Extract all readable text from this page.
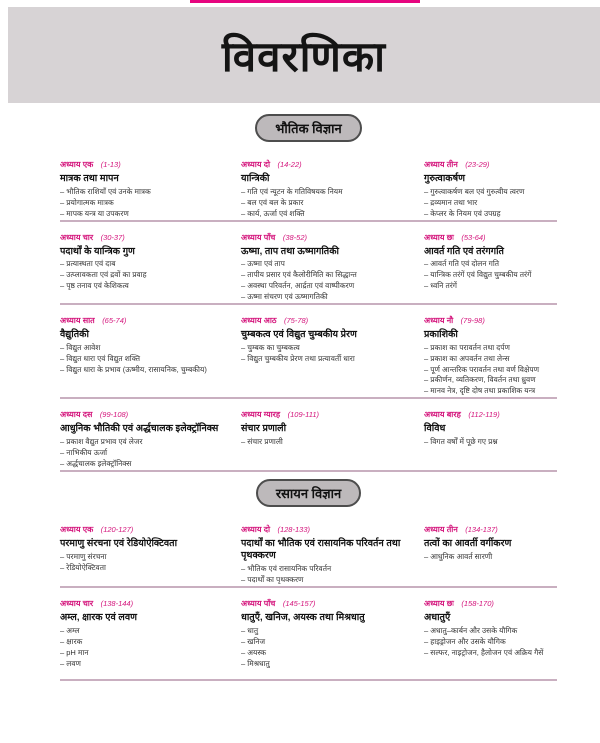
विवरणिका
भौतिक विज्ञान
अध्याय एक (1-13)
मात्रक तथा मापन
– भौतिक राशियाँ एवं उनके मात्रक
– प्रयोगात्मक मात्रक
– मापक यन्त्र या उपकरण
अध्याय दो (14-22)
यान्त्रिकी
– गति एवं न्यूटन के गतिविषयक नियम
– बल एवं बल के प्रकार
– कार्य, ऊर्जा एवं शक्ति
अध्याय तीन (23-29)
गुरुत्वाकर्षण
– गुरुत्वाकर्षण बल एवं गुरुत्वीय त्वरण
– द्रव्यमान तथा भार
– केप्लर के नियम एवं उपग्रह
अध्याय चार (30-37)
पदार्थों के यान्त्रिक गुण
– प्रत्यास्थता एवं दाब
– उत्प्लावकता एवं द्रवों का प्रवाह
– पृष्ठ तनाव एवं केशिकत्व
अध्याय पाँच (38-52)
ऊष्मा, ताप तथा ऊष्मागतिकी
– ऊष्मा एवं ताप
– तापीय प्रसार एवं कैलोरीमिति का सिद्धान्त
– अवस्था परिवर्तन, आर्द्रता एवं वाष्पीकरण
– ऊष्मा संचरण एवं ऊष्मागतिकी
अध्याय छः (53-64)
आवर्त गति एवं तरंगगति
– आवर्त गति एवं दोलन गति
– यान्त्रिक तरंगें एवं विद्युत चुम्बकीय तरंगें
– ध्वनि तरंगें
अध्याय सात (65-74)
वैद्युतिकी
– विद्युत आवेश
– विद्युत धारा एवं विद्युत शक्ति
– विद्युत धारा के प्रभाव (ऊष्मीय, रासायनिक, चुम्बकीय)
अध्याय आठ (75-78)
चुम्बकत्व एवं विद्युत चुम्बकीय प्रेरण
– चुम्बक का चुम्बकत्व
– विद्युत चुम्बकीय प्रेरण तथा प्रत्यावर्ती धारा
अध्याय नौ (79-98)
प्रकाशिकी
– प्रकाश का परावर्तन तथा दर्पण
– प्रकाश का अपवर्तन तथा लेन्स
– पूर्ण आन्तरिक परावर्तन तथा वर्ण विक्षेपण
– प्रकीर्णन, व्यतिकरण, विवर्तन तथा ध्रुवण
– मानव नेत्र, दृष्टि दोष तथा प्रकाशिक यन्त्र
अध्याय दस (99-108)
आधुनिक भौतिकी एवं अर्द्धचालक इलेक्ट्रॉनिक्स
– प्रकाश वैद्युत प्रभाव एवं लेजर
– नाभिकीय ऊर्जा
– अर्द्धचालक इलेक्ट्रॉनिक्स
अध्याय ग्यारह (109-111)
संचार प्रणाली
– संचार प्रणाली
अध्याय बारह (112-119)
विविध
– विगत वर्षों में पूछे गए प्रश्न
रसायन विज्ञान
अध्याय एक (120-127)
परमाणु संरचना एवं रेडियोऐक्टिवता
– परमाणु संरचना
– रेडियोऐक्टिवता
अध्याय दो (128-133)
पदार्थों का भौतिक एवं रासायनिक परिवर्तन तथा पृथक्करण
– भौतिक एवं रासायनिक परिवर्तन
– पदार्थों का पृथक्करण
अध्याय तीन (134-137)
तत्वों का आवर्ती वर्गीकरण
– आधुनिक आवर्त सारणी
अध्याय चार (138-144)
अम्ल, क्षारक एवं लवण
– अम्ल
– क्षारक
– pH मान
– लवण
अध्याय पाँच (145-157)
धातुएँ, खनिज, अयस्क तथा मिश्रधातु
– धातु
– खनिज
– अयस्क
– मिश्रधातु
अध्याय छः (158-170)
अधातुएँ
– अधातु–कार्बन और उसके यौगिक
– हाइड्रोजन और उसके यौगिक
– सल्फर, नाइट्रोजन, हैलोजन एवं अक्रिय गैसें
